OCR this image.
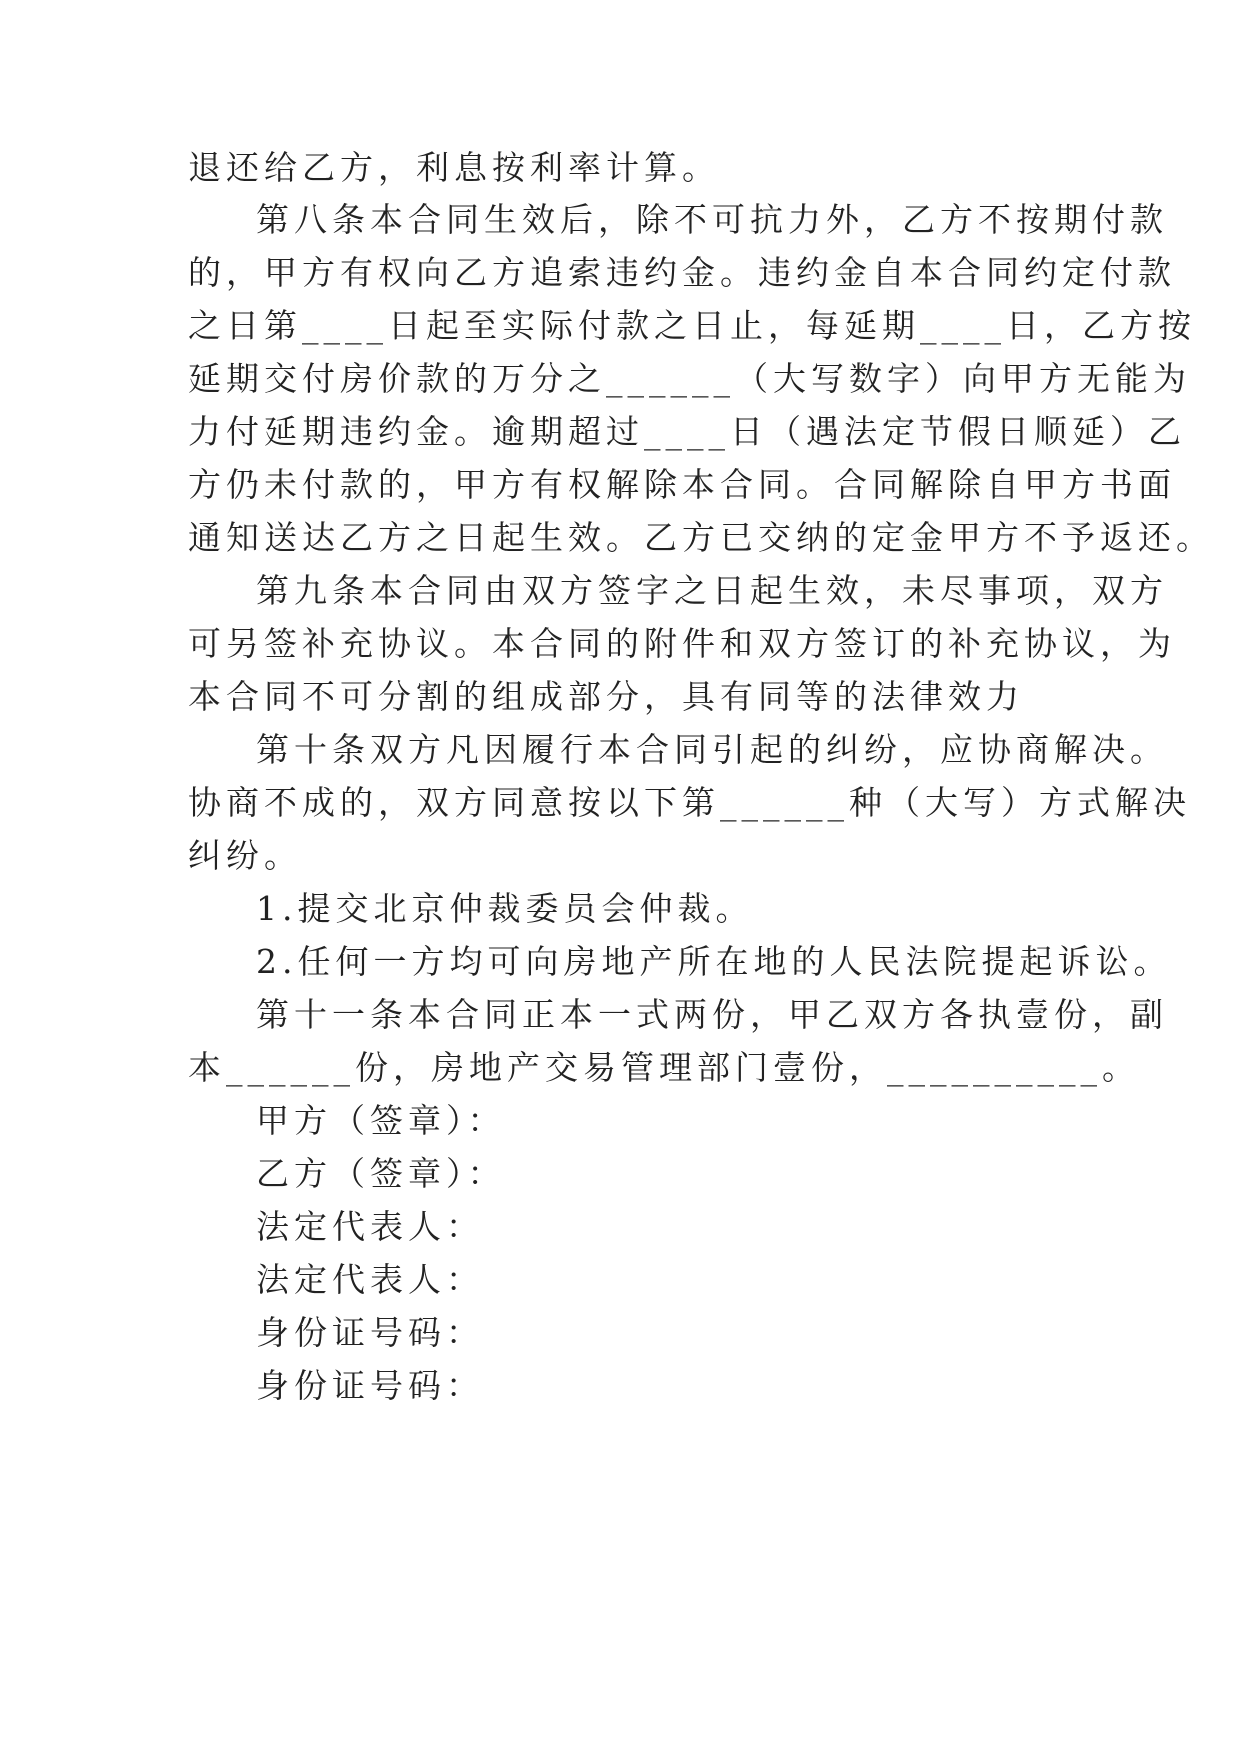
退还给乙方，利息按利率计算。
第八条本合同生效后，除不可抗力外，乙方不按期付款
的，甲方有权向乙方追索违约金。违约金自本合同约定付款
之日第____日起至实际付款之日止，每延期____日，乙方按
延期交付房价款的万分之______（大写数字）向甲方无能为
力付延期违约金。逾期超过____日（遇法定节假日顺延）乙
方仍未付款的，甲方有权解除本合同。合同解除自甲方书面
通知送达乙方之日起生效。乙方已交纳的定金甲方不予返还。
第九条本合同由双方签字之日起生效，未尽事项，双方
可另签补充协议。本合同的附件和双方签订的补充协议，为
本合同不可分割的组成部分，具有同等的法律效力
第十条双方凡因履行本合同引起的纠纷，应协商解决。
协商不成的，双方同意按以下第______种（大写）方式解决
纠纷。
1.提交北京仲裁委员会仲裁。
2.任何一方均可向房地产所在地的人民法院提起诉讼。
第十一条本合同正本一式两份，甲乙双方各执壹份，副
本______份，房地产交易管理部门壹份，__________。
甲方（签章）：
乙方（签章）：
法定代表人：
法定代表人：
身份证号码：
身份证号码：
